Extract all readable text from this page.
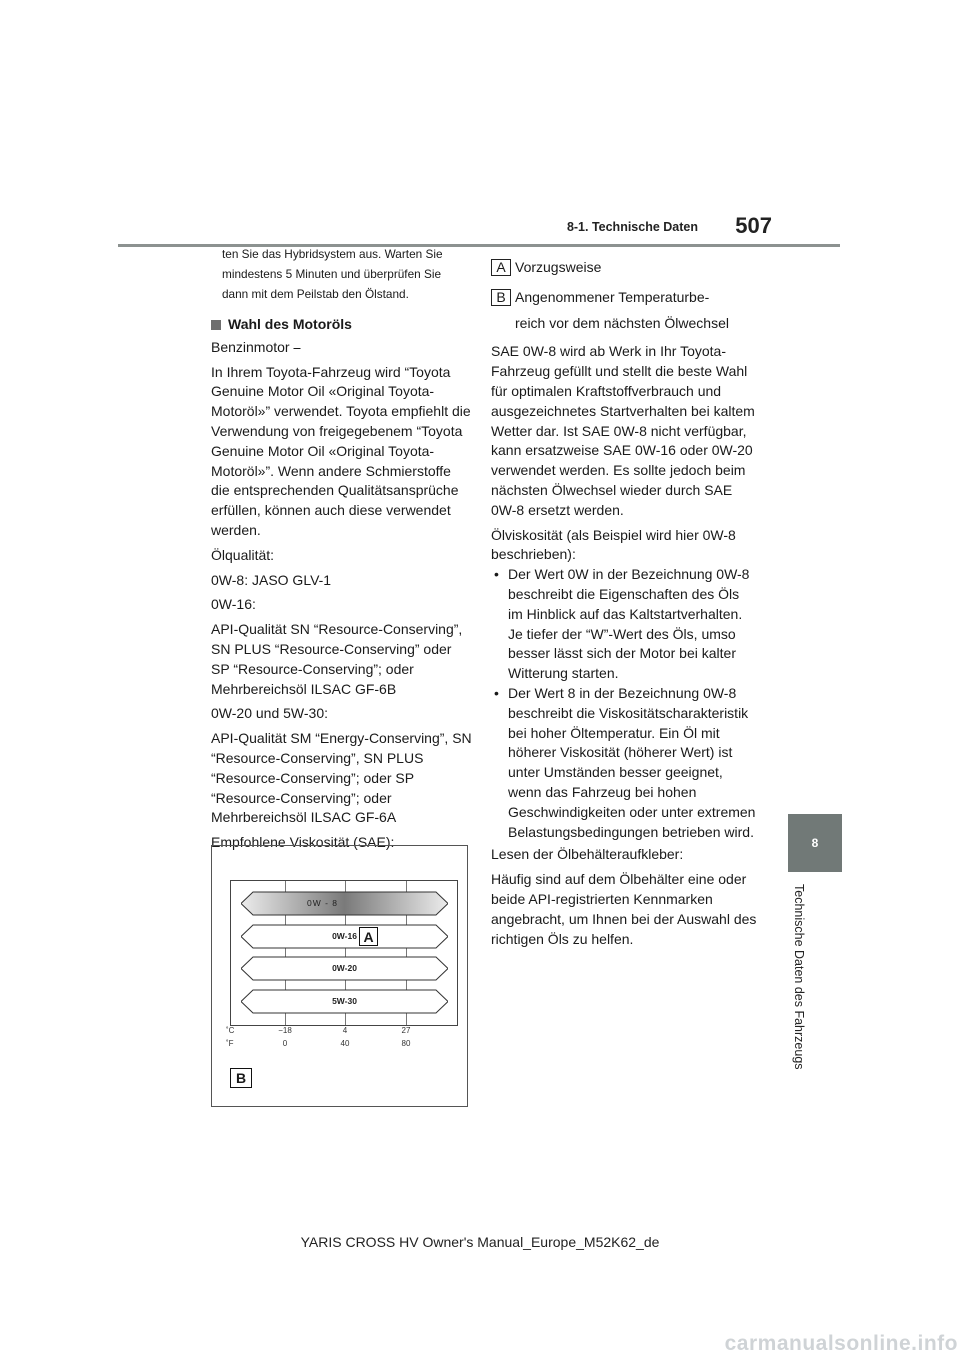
8-1. Technische Daten 507
8
Technische Daten des Fahrzeugs
ten Sie das Hybridsystem aus. Warten Sie
mindestens 5 Minuten und überprüfen Sie
dann mit dem Peilstab den Ölstand.
Wahl des Motoröls
Benzinmotor ⎯
In Ihrem Toyota-Fahrzeug wird “Toyota Genuine Motor Oil «Original Toyota-Motoröl»” verwendet. Toyota empfiehlt die Verwendung von freigegebenem “Toyota Genuine Motor Oil «Original Toyota-Motoröl»”. Wenn andere Schmierstoffe die entsprechenden Qualitätsansprüche erfüllen, können auch diese verwendet werden.
Ölqualität:
0W-8: JASO GLV-1
0W-16:
API-Qualität SN “Resource-Conserving”, SN PLUS “Resource-Conserving” oder SP “Resource-Conserving”; oder Mehrbereichsöl ILSAC GF-6B
0W-20 und 5W-30:
API-Qualität SM “Energy-Conserving”, SN “Resource-Conserving”, SN PLUS “Resource-Conserving”; oder SP “Resource-Conserving”; oder Mehrbereichsöl ILSAC GF-6A
Empfohlene Viskosität (SAE):
0W - 8
0W-16
0W-20
5W-30
A
˚C
˚F
−18	4	27
0	40	80
B
A Vorzugsweise
B Angenommener Temperaturbe-
reich vor dem nächsten Ölwechsel
SAE 0W-8 wird ab Werk in Ihr Toyota-Fahrzeug gefüllt und stellt die beste Wahl für optimalen Kraftstoffverbrauch und ausgezeichnetes Startverhalten bei kaltem Wetter dar. Ist SAE 0W-8 nicht verfügbar, kann ersatzweise SAE 0W-16 oder 0W-20 verwendet werden. Es sollte jedoch beim nächsten Ölwechsel wieder durch SAE 0W-8 ersetzt werden.
Ölviskosität (als Beispiel wird hier 0W-8 beschrieben):
• Der Wert 0W in der Bezeichnung 0W-8 beschreibt die Eigenschaften des Öls im Hinblick auf das Kaltstartverhalten. Je tiefer der “W”-Wert des Öls, umso besser lässt sich der Motor bei kalter Witterung starten.
• Der Wert 8 in der Bezeichnung 0W-8 beschreibt die Viskositätscharakteristik bei hoher Öltemperatur. Ein Öl mit höherer Viskosität (höherer Wert) ist unter Umständen besser geeignet, wenn das Fahrzeug bei hohen Geschwindigkeiten oder unter extremen Belastungsbedingungen betrieben wird.
Lesen der Ölbehälteraufkleber:
Häufig sind auf dem Ölbehälter eine oder beide API-registrierten Kennmarken angebracht, um Ihnen bei der Auswahl des richtigen Öls zu helfen.
YARIS CROSS HV Owner's Manual_Europe_M52K62_de
carmanualsonline.info
